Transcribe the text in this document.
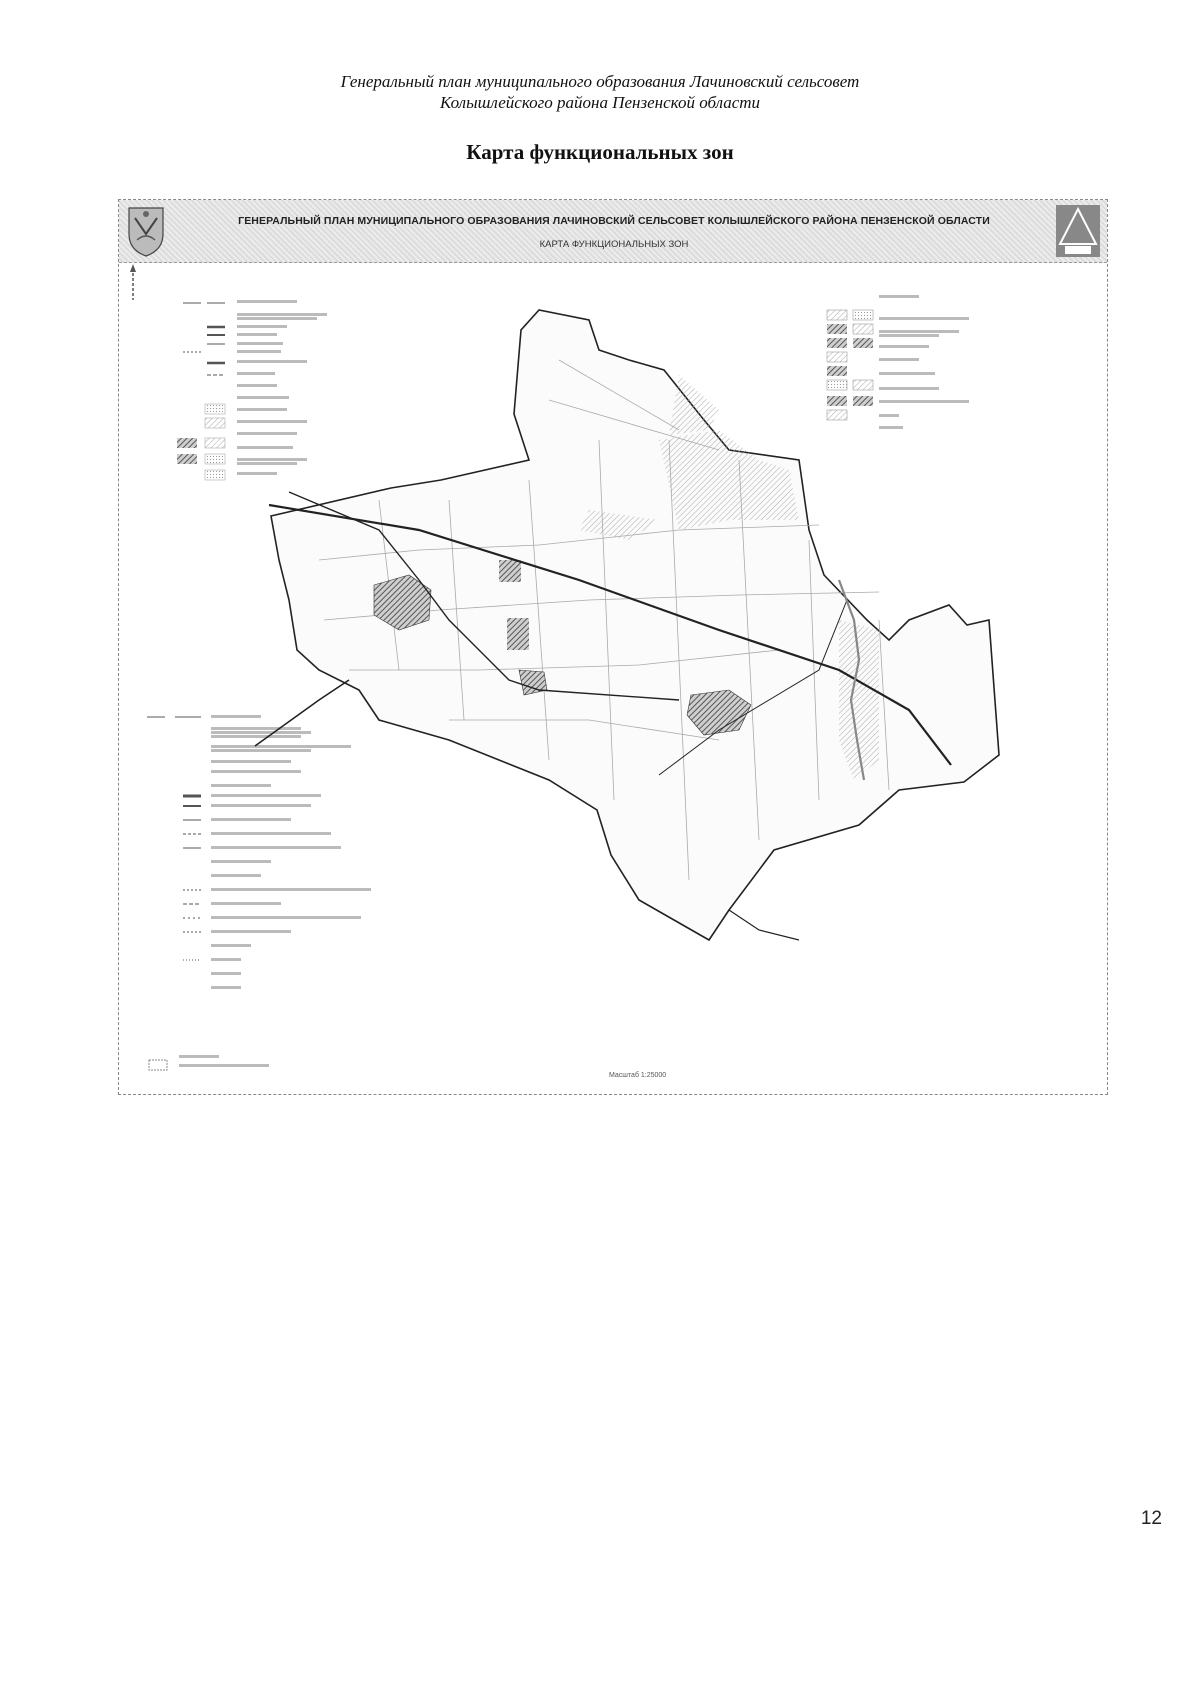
Генеральный план муниципального образования Лачиновский сельсовет
Колышлейского района Пензенской области
Карта функциональных зон
ГЕНЕРАЛЬНЫЙ ПЛАН МУНИЦИПАЛЬНОГО ОБРАЗОВАНИЯ ЛАЧИНОВСКИЙ СЕЛЬСОВЕТ КОЛЫШЛЕЙСКОГО РАЙОНА ПЕНЗЕНСКОЙ ОБЛАСТИ
КАРТА ФУНКЦИОНАЛЬНЫХ ЗОН
Масштаб 1:25000
12
